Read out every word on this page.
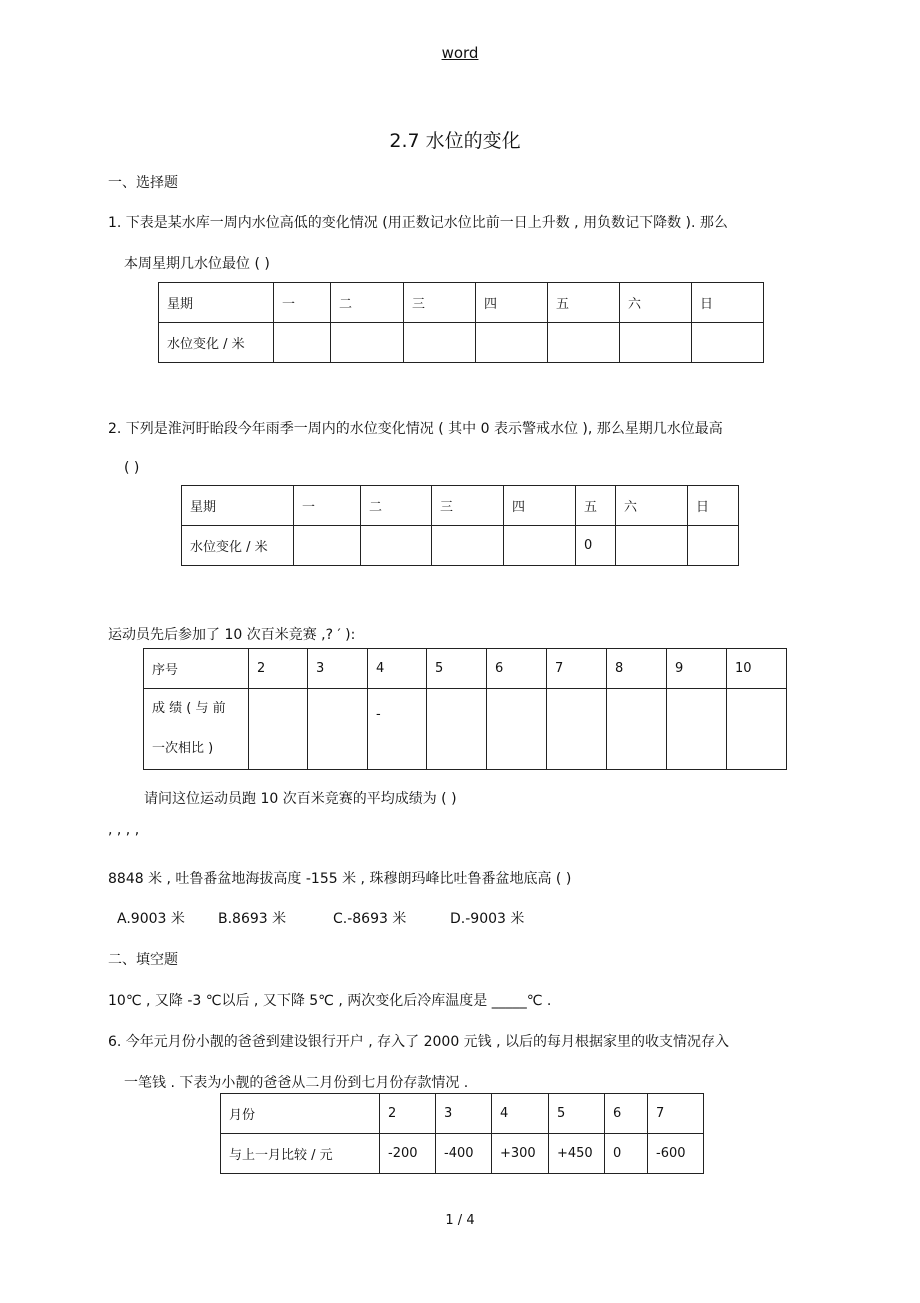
word
2.7 水位的变化
一、选择题
1. 下表是某水库一周内水位高低的变化情况 (用正数记水位比前一日上升数 , 用负数记下降数 ). 那么
本周星期几水位最位 ( )
星期	一	二	三	四	五	六	日
水位变化 / 米							
2. 下列是淮河盱眙段今年雨季一周内的水位变化情况 ( 其中 0 表示警戒水位 ), 那么星期几水位最高
( )
星期	一	二	三	四	五	六	日
水位变化 / 米					0		
运动员先后参加了 10 次百米竞赛 ,? ′ ):
序号	2	3	4	5	6	7	8	9	10

成 绩 ( 与 前
一次相比 )			-						
请问这位运动员跑 10 次百米竞赛的平均成绩为 ( )
, , , ,
8848 米 , 吐鲁番盆地海拔高度 -155 米 , 珠穆朗玛峰比吐鲁番盆地底高 ( )
A.9003 米 B.8693 米	C.-8693 米	D.-9003 米
二、填空题
10℃ , 又降 -3 ℃以后 , 又下降 5℃ , 两次变化后冷库温度是 _____℃ .
6. 今年元月份小靓的爸爸到建设银行开户 , 存入了 2000 元钱 , 以后的每月根据家里的收支情况存入
一笔钱 . 下表为小靓的爸爸从二月份到七月份存款情况 .
月份	2	3	4	5	6	7
与上一月比较 / 元	-200	-400	+300	+450	0	-600
1 / 4
